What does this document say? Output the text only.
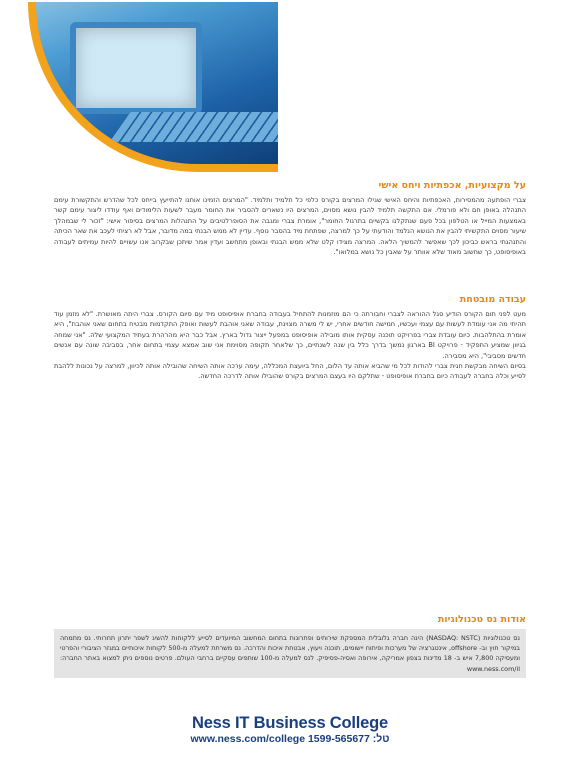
על מקצועיות, אכפתיות ויחס אישי

צברי הופתעה מהמסירות, האכפתיות והיחס האישי שגילו המרצים בקורס כלפי כל תלמיד ותלמיד. "המרצים הזמינו אותנו להתייעץ בייחס לכל שהדרש והתקשורת עימם התנהלה באופן חם ולא פורמלי. אם התקשה תלמיד להבין נושא מסוים, המרצים היו נשארים להסביר את החומר מעבר לשעות הלימודים ואף עודדו ליצור עימם קשר באמצעות המייל או הטלפון בכל פעם שנתקלנו בקשיים בתרגול החומר", אומרת צברי ומגבה את הסופרלטיבים על התנהלות המרצים בסיפור אישי: "זכור לי שבמהלך שיעור מסוים התקשיתי להבין את הנושא הנלמד והודעתי על כך למרצה, שפתחת מיד בהסבר נוסף. עדיין לא ממש הבנתי במה מדובר, אבל לא רציתי לעכב את שאר הכיתה והתנהגתי בראש כביכון לכך שאפשר להמשיך הלאה. המרצה מצידו קלט שלא ממש הבנתי ובאופן מתחשב ועדין אמר שיתכן שבקרוב אנו עשויים להיות עמיתים לעבודה באופיסופט, כך שחשוב מאוד שלא אוותר על שאבין כל נושא במלואו".

עבודה מובטחת

מעט לפני תום הקורס הודיע סגל ההוראה לצברי וחבורתה כי הם מוזמנות להתחיל בעבודה בחברת אופיסופט מיד עם סיום הקורס. צברי היתה מאושרת. "לא מזמן עוד תהיתי מה אני עומדת לעשות עם עצמי ועכשיו, חמישה חודשים אחרי, יש לי משרה מצוינת, עבודה שאני אוהבת לעשות ואופק התקדמות מבטיח בתחום שאני אוהבת", היא אומרת בהתלהבות. כיום עובדת צברי בפרויקט תוכנה עסקית אותו מובילה אופיסופט במפעל ייצור גדול בארץ. אבל כבר היא מהרהרת בעתיד המקצועי שלה. "אני שמחה בגיוון שמציע התפקיד - פרויקט BI בארגון נמשך בדרך כלל בין שנה לשנתיים, כך שלאחר תקופה מסוימת אני שוב אמצא עצמי בתחום אחר, בסביבה שונה עם אנשים חדשים מסביבי", היא מסבירה.

בסיום השיחה מבקשת חגית צברי להודות לכל מי שהביא אותה עד הלום, החל ביועצת המכללה, עימה ערכה אותה השיחה שהובילה אותה לכיוון, למרצה על נכונות ללהבת לסייע וכלה בחברה לעבודה כיום בחברת אופיסופט - שתלקם היו בעצם המרצים בקורס שהובילו אותה לדרכה החדשה.

אודות נס טכנולוגיות

נס טכנולוגיות (NASDAQ: NSTC) הינה חברה גלובלית המספקת שירותים ופתרונות בתחום המחשוב המיועדים לסייע ללקוחות להשיג לשפר יתרון תחרותי. נס מתמחה במיקור חוץ וב- offshore, אינטגרציה של מערכות ופיתוח יישומים, תוכנה ויעוץ, אבטחת איכות והדרכה. נס משרתת למעלה מ-500 לקוחות איכותיים במגזר הציבורי והפרטי ומעסיקה 7,800 איש ב- 18 מדינות בצפון אמריקה, אירופה ואסיה-פסיפיק. לנס למעלה מ-100 שותפים עסקיים ברחבי העולם. פרטים נוספים ניתן למצוא באתר החברה: www.ness.com/il

Ness IT Business College
www.ness.com/college 1599-565677 :טל
